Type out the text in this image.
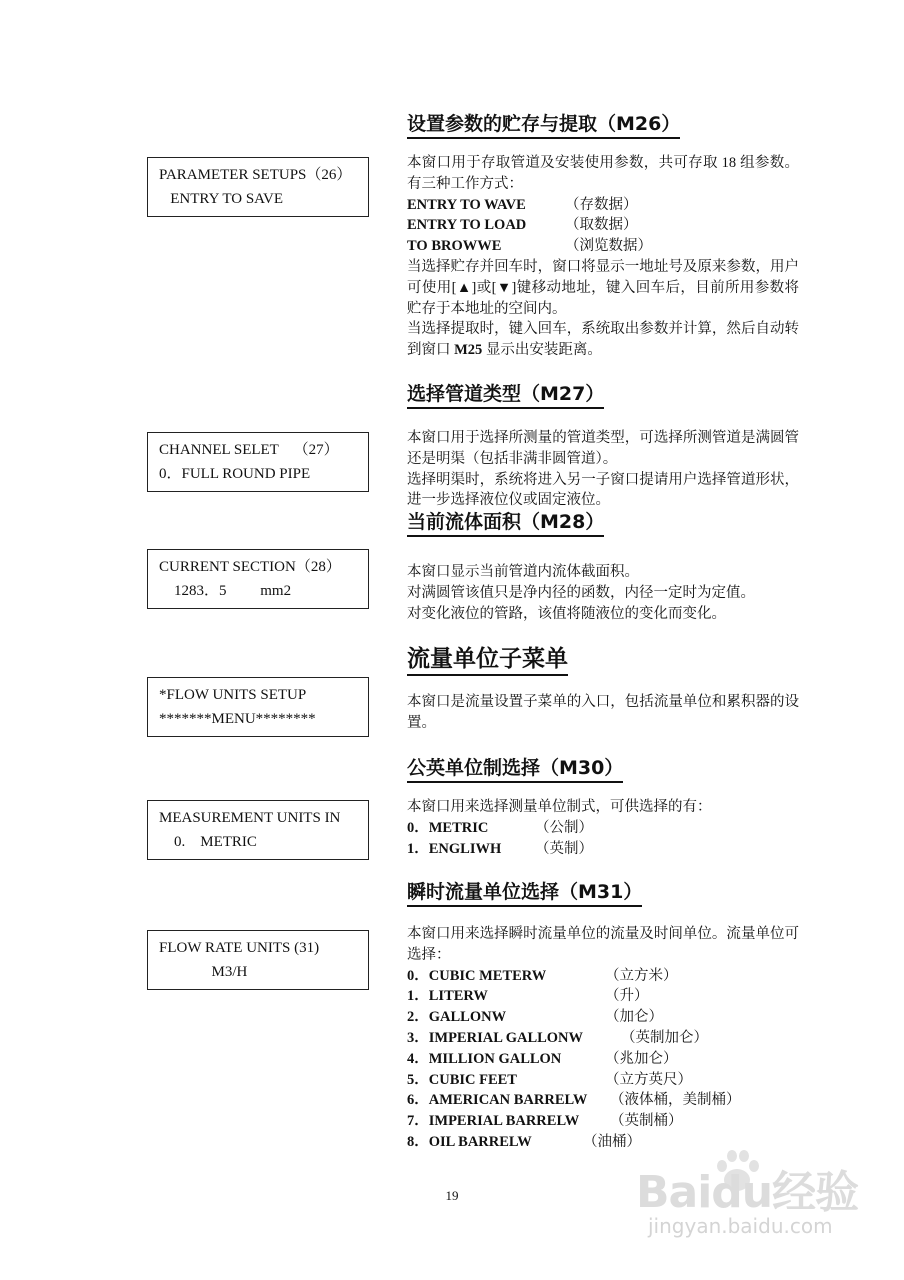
设置参数的贮存与提取（M26）
PARAMETER SETUPS（26）
ENTRY TO SAVE

本窗口用于存取管道及安装使用参数，共可存取 18 组参数。有三种工作方式：

ENTRY TO WAVE	（存数据）
ENTRY TO LOAD	（取数据）
TO BROWWE	（浏览数据）

当选择贮存并回车时，窗口将显示一地址号及原来参数，用户可使用[▲]或[▼]键移动地址，键入回车后，目前所用参数将贮存于本地址的空间内。

当选择提取时，键入回车，系统取出参数并计算，然后自动转到窗口 M25 显示出安装距离。

选择管道类型（M27）
CHANNEL SELET    （27）
0．FULL ROUND PIPE

本窗口用于选择所测量的管道类型，可选择所测管道是满圆管还是明渠（包括非满非圆管道）。

选择明渠时，系统将进入另一子窗口提请用户选择管道形状，进一步选择液位仪或固定液位。

当前流体面积（M28）
CURRENT SECTION（28）
1283．5         mm2

本窗口显示当前管道内流体截面积。

对满圆管该值只是净内径的函数，内径一定时为定值。

对变化液位的管路，该值将随液位的变化而变化。

流量单位子菜单
*FLOW UNITS SETUP
*******MENU********

本窗口是流量设置子菜单的入口，包括流量单位和累积器的设置。

公英单位制选择（M30）
MEASUREMENT UNITS IN
0.    METRIC

本窗口用来选择测量单位制式，可供选择的有：

0．METRIC	（公制）
1．ENGLIWH （英制）
瞬时流量单位选择（M31）
FLOW RATE UNITS (31)
M3/H

本窗口用来选择瞬时流量单位的流量及时间单位。流量单位可选择：

0．CUBIC METERW	（立方米）
1．LITERW	（升）
2．GALLONW	（加仑）
3．IMPERIAL GALLONW	（英制加仑）
4．MILLION GALLON	（兆加仑）
5．CUBIC FEET	（立方英尺）
6．AMERICAN BARRELW （液体桶，美制桶）
7．IMPERIAL BARRELW （英制桶）
8．OIL BARRELW	（油桶）
19	Baidu经验
jingyan.baidu.com
